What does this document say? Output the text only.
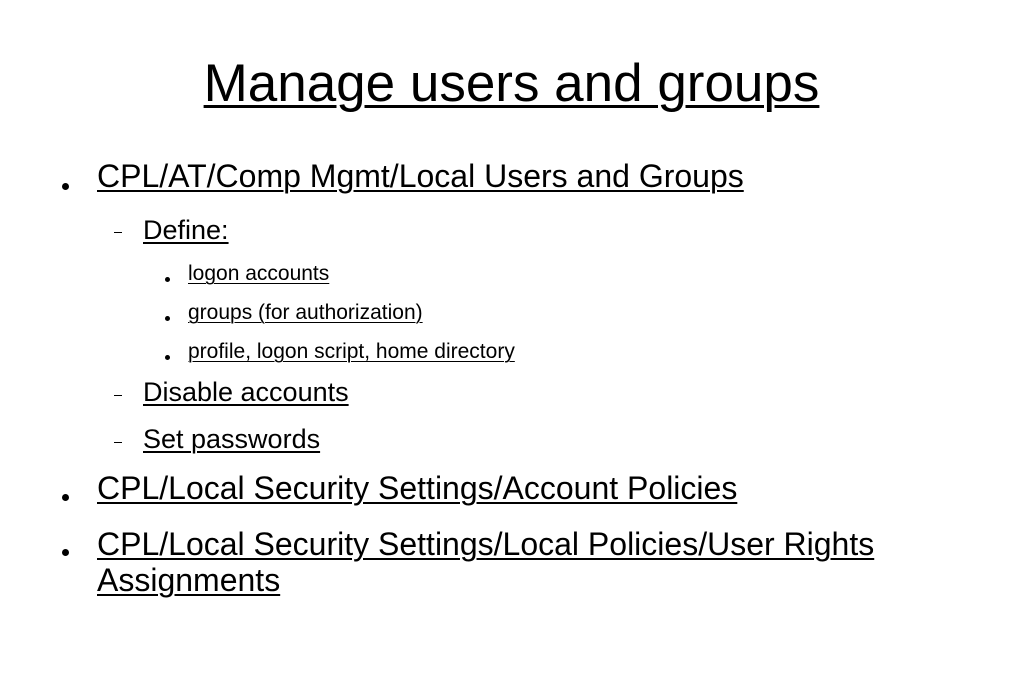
Manage users and groups
CPL/AT/Comp Mgmt/Local Users and Groups
Define:
logon accounts
groups (for authorization)
profile, logon script, home directory
Disable accounts
Set passwords
CPL/Local Security Settings/Account Policies
CPL/Local Security Settings/Local Policies/User Rights Assignments
